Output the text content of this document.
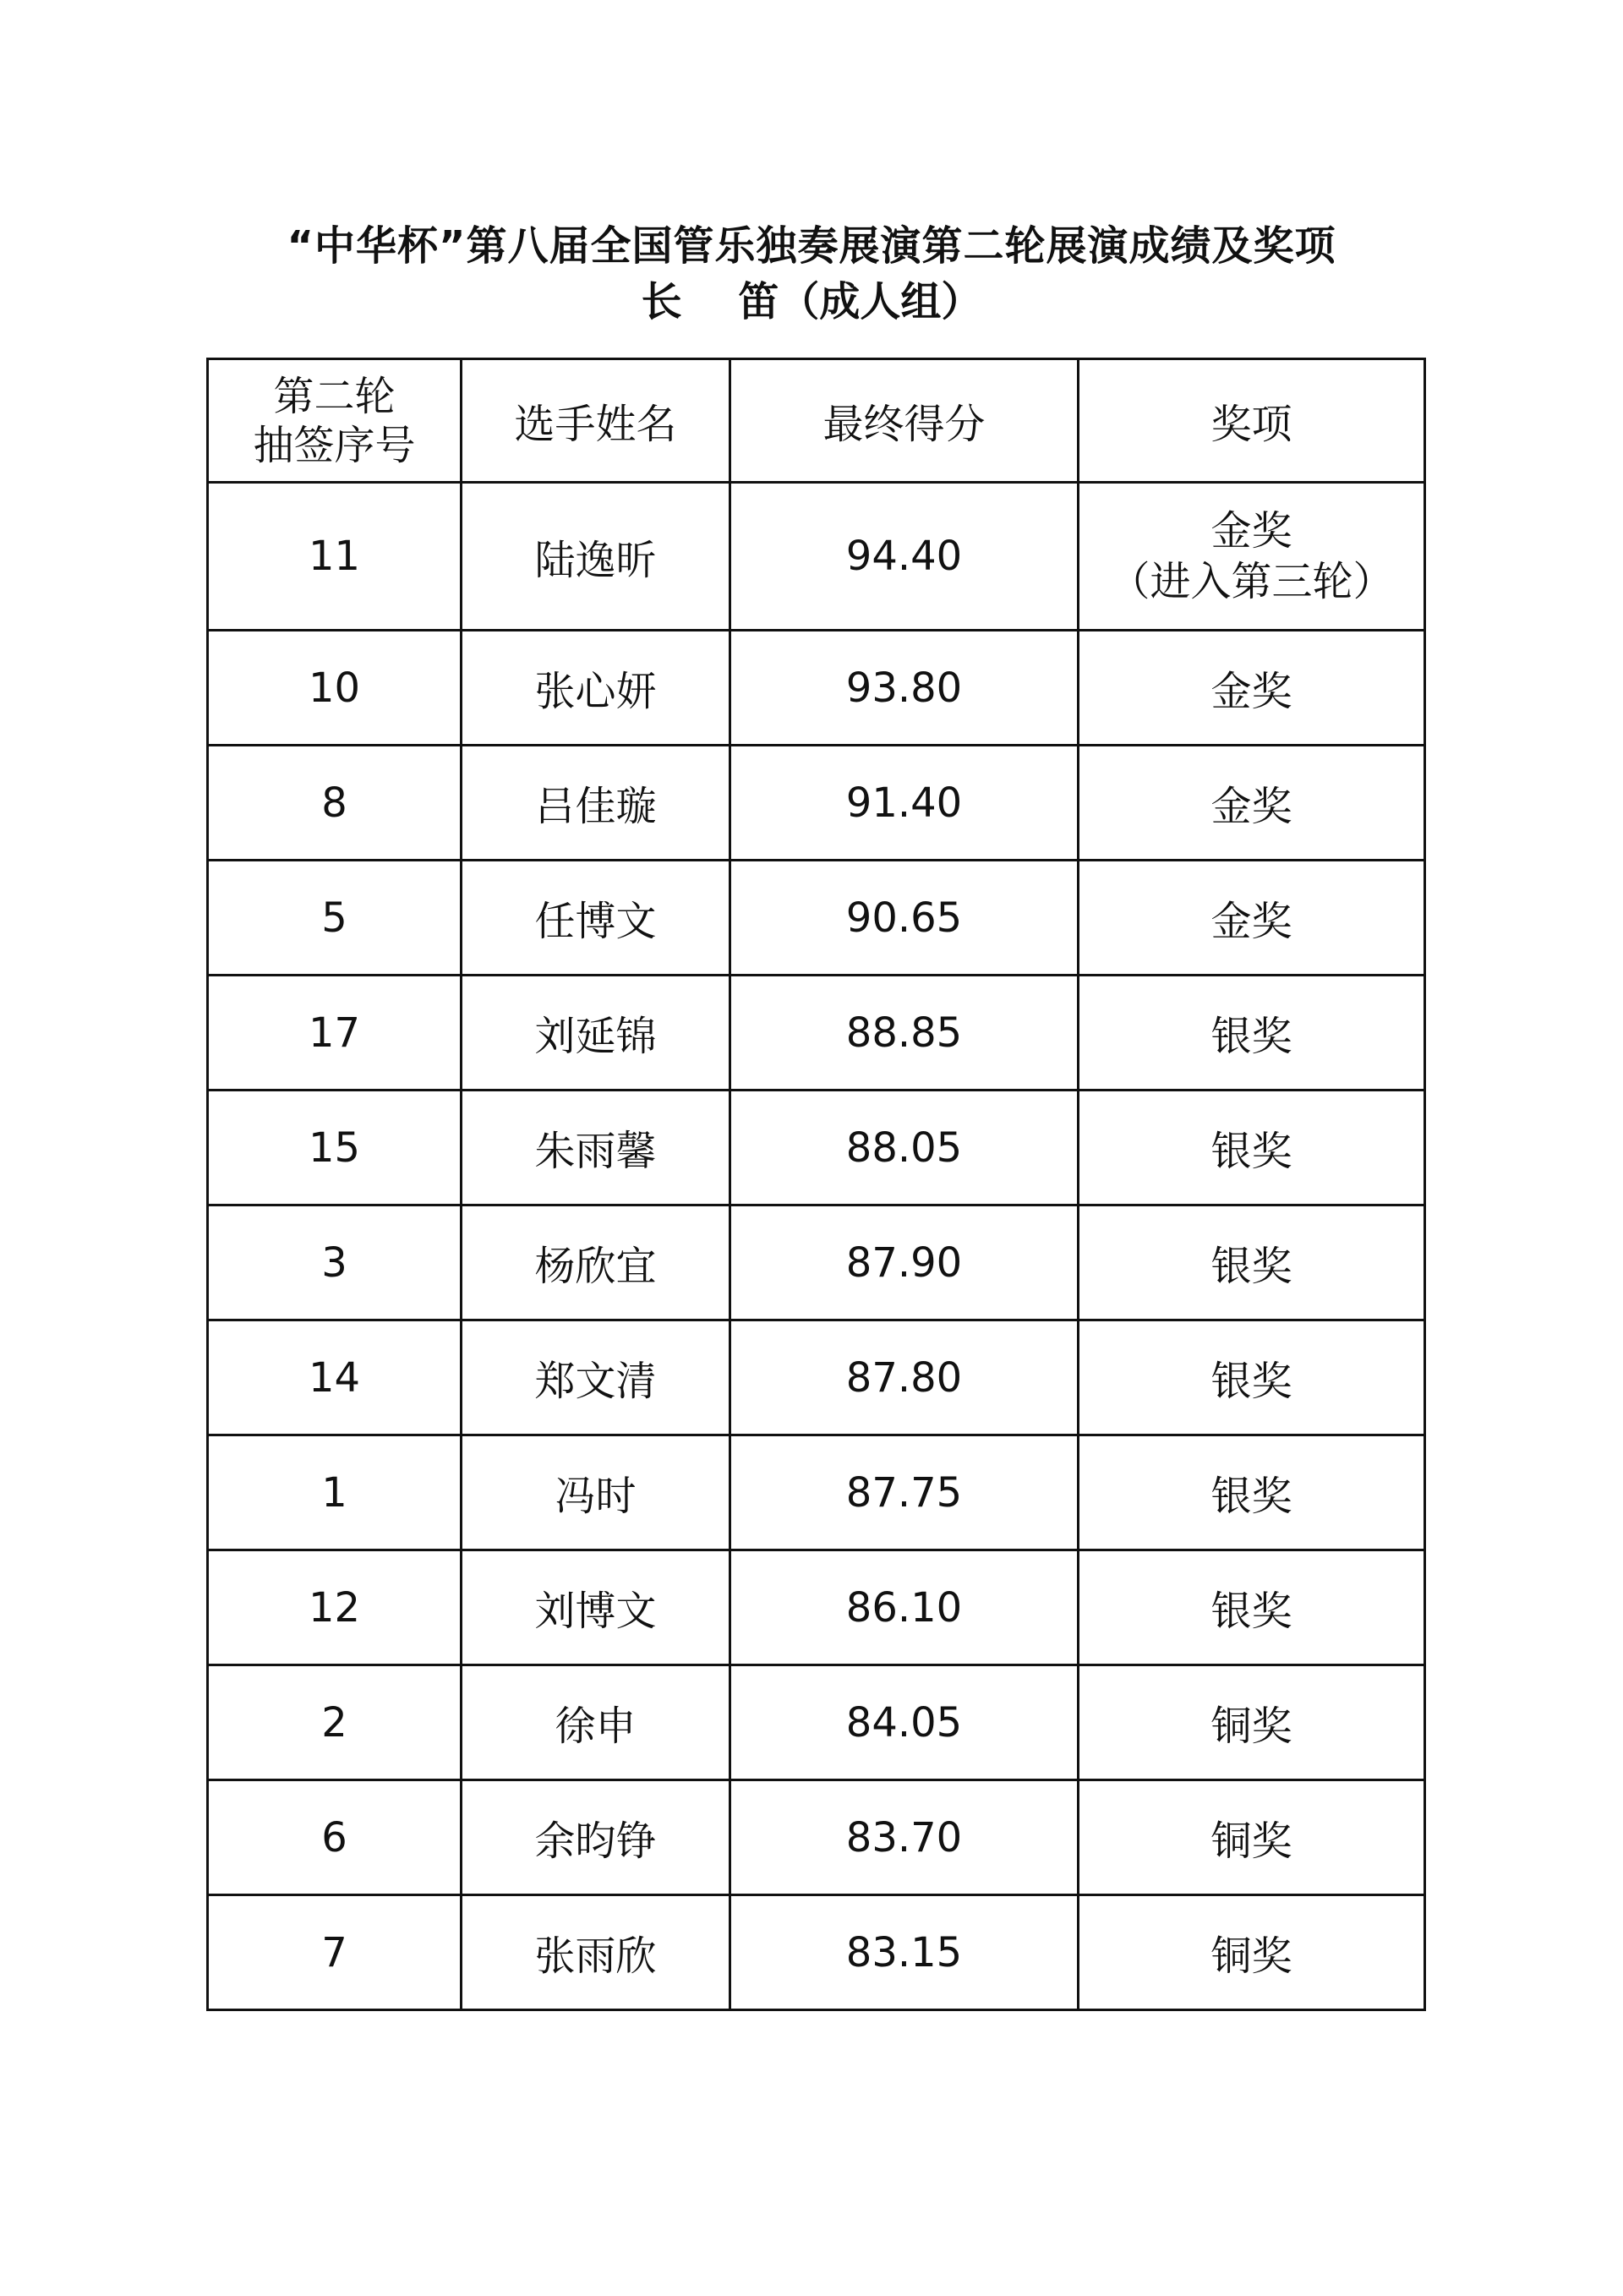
“中华杯”第八届全国管乐独奏展演第二轮展演成绩及奖项
长    笛（成人组）
第二轮
抽签序号	选手姓名	最终得分	奖项
11	陆逸昕	94.40	金奖
（进入第三轮）

10	张心妍	93.80	金奖
8	吕佳璇	91.40	金奖
5	任博文	90.65	金奖
17	刘延锦	88.85	银奖
15	朱雨馨	88.05	银奖
3	杨欣宜	87.90	银奖
14	郑文清	87.80	银奖
1	冯时	87.75	银奖
12	刘博文	86.10	银奖
2	徐申	84.05	铜奖
6	余昀铮	83.70	铜奖
7	张雨欣	83.15	铜奖
